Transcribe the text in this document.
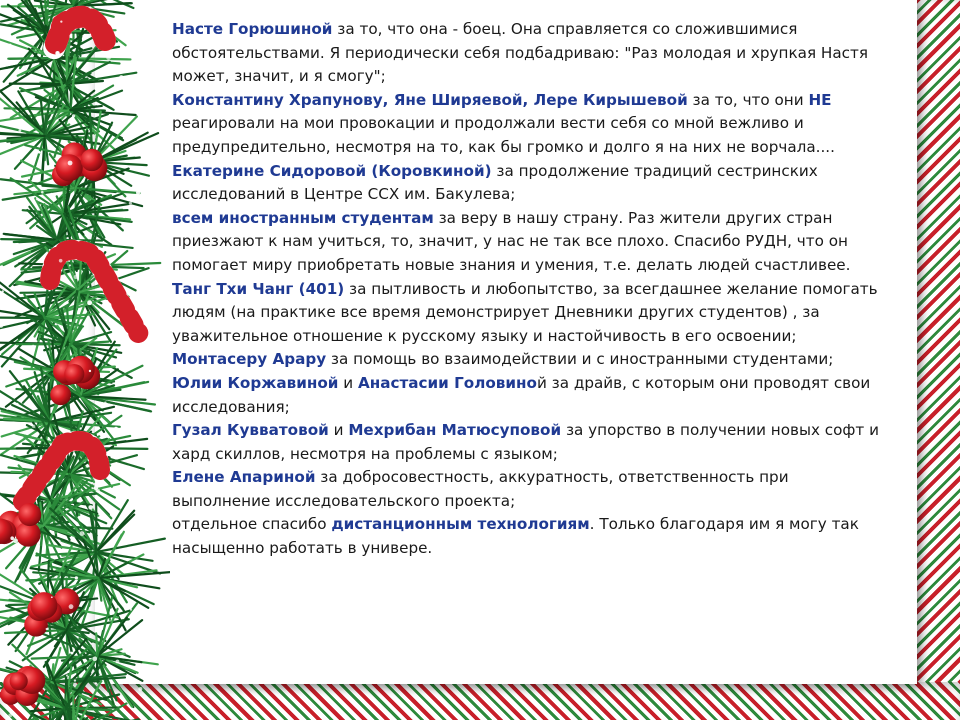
Насте Горюшиной за то, что она - боец. Она справляется со сложившимися обстоятельствами. Я периодически себя подбадриваю: "Раз молодая и хрупкая Настя может, значит, и я смогу";

Константину Храпунову, Яне Ширяевой, Лере Кирышевой за то, что они НЕ реагировали на мои провокации и продолжали вести себя со мной вежливо и предупредительно, несмотря на то, как бы громко и долго я на них не ворчала....

Екатерине Сидоровой (Коровкиной) за продолжение традиций сестринских исследований в Центре ССХ им. Бакулева;

всем иностранным студентам за веру в нашу страну. Раз жители других стран приезжают к нам учиться, то, значит, у нас не так все плохо. Спасибо РУДН, что он помогает миру приобретать новые знания и умения, т.е. делать людей счастливее.

Танг Тхи Чанг (401) за пытливость и любопытство, за всегдашнее желание помогать людям (на практике все время демонстрирует Дневники других студентов) , за уважительное отношение к русскому языку и настойчивость в его освоении;

Монтасеру Арару за помощь во взаимодействии и с иностранными студентами;

Юлии Коржавиной и Анастасии Головиной за драйв, с которым они проводят свои исследования;

Гузал Кувватовой и Мехрибан Матюсуповой за упорство в получении новых софт и хард скиллов, несмотря на проблемы с языком;

Елене Апариной за добросовестность, аккуратность, ответственность при выполнение исследовательского проекта;

отдельное спасибо дистанционным технологиям. Только благодаря им я могу так насыщенно работать в универе.
